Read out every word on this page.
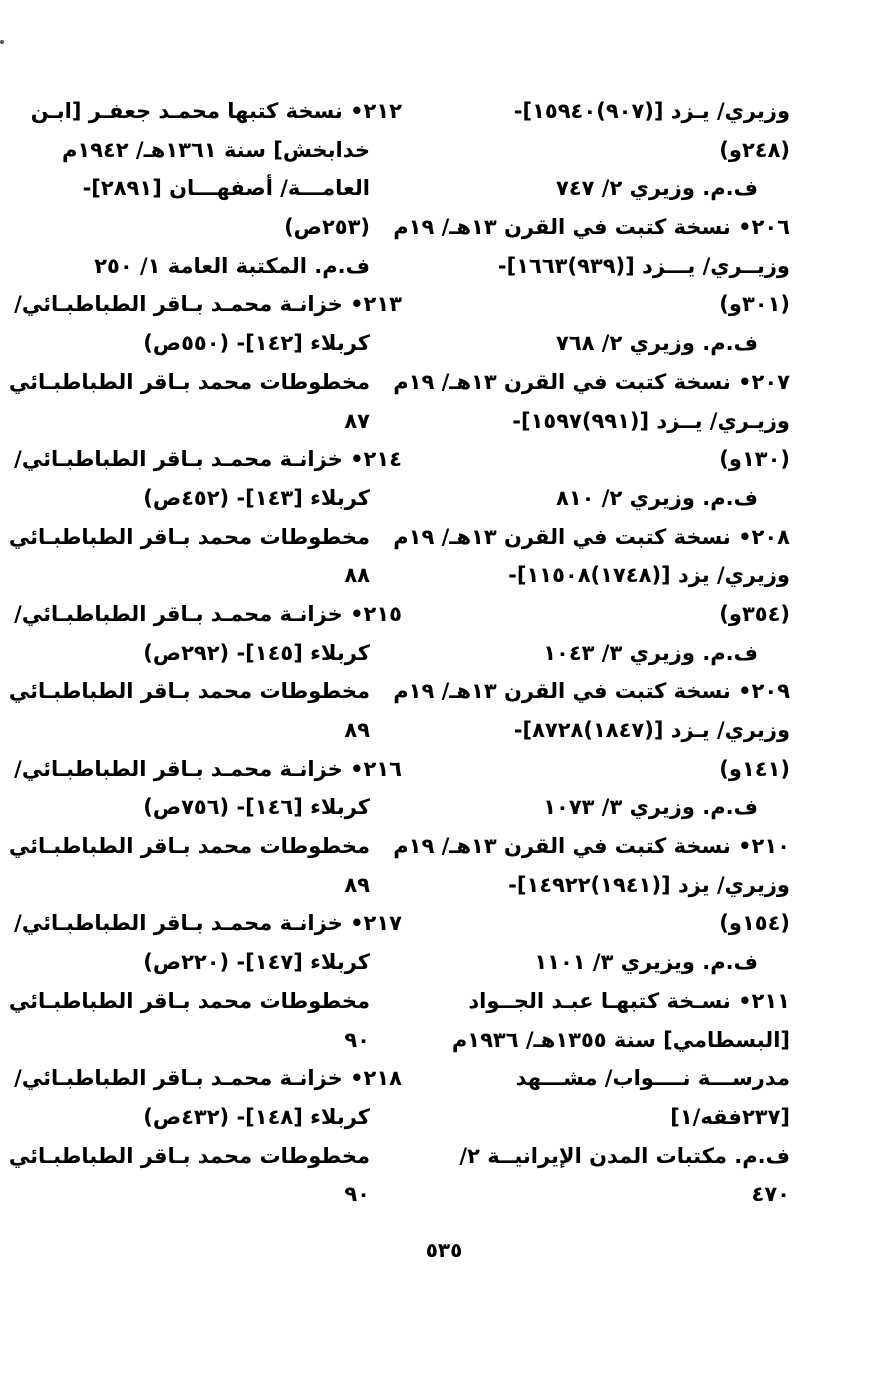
وزيري/ يـزد [(٩٠٧)١٥٩٤٠]-
(٢٤٨و)
ف.م. وزيري ٢/ ٧٤٧
٢٠٦• نسخة كتبت في القرن ١٣هـ/ ١٩م
وزيــري/ يـــزد [(٩٣٩)١٦٦٣]-
(٣٠١و)
ف.م. وزيري ٢/ ٧٦٨
٢٠٧• نسخة كتبت في القرن ١٣هـ/ ١٩م
وزيـري/ يــزد [(٩٩١)١٥٩٧]-
(١٣٠و)
ف.م. وزيري ٢/ ٨١٠
٢٠٨• نسخة كتبت في القرن ١٣هـ/ ١٩م
وزيري/ يزد [(١٧٤٨)١١٥٠٨]-
(٣٥٤و)
ف.م. وزيري ٣/ ١٠٤٣
٢٠٩• نسخة كتبت في القرن ١٣هـ/ ١٩م
وزيري/ يـزد [(١٨٤٧)٨٧٢٨]-
(١٤١و)
ف.م. وزيري ٣/ ١٠٧٣
٢١٠• نسخة كتبت في القرن ١٣هـ/ ١٩م
وزيري/ يزد [(١٩٤١)١٤٩٢٢]-
(١٥٤و)
ف.م. ويزيري ٣/ ١١٠١
٢١١• نسـخة كتبهـا عبـد الجــواد
[البسطامي] سنة ١٣٥٥هـ/ ١٩٣٦م
مدرســـة نــــواب/ مشـــهد
[٢٣٧فقه/١]
ف.م. مكتبات المدن الإيرانيــة ٢/
٤٧٠
٢١٢• نسخة كتبها محمـد جعفـر [ابـن
خدابخش] سنة ١٣٦١هـ/ ١٩٤٢م
العامـــة/ أصفهـــان [٢٨٩١]-
(٢٥٣ص)
ف.م. المكتبة العامة ١/ ٢٥٠
٢١٣• خزانـة محمـد بـاقر الطباطبـائي/
كربلاء [١٤٢]- (٥٥٠ص)
مخطوطات محمد بـاقر الطباطبـائي
٨٧
٢١٤• خزانـة محمـد بـاقر الطباطبـائي/
كربلاء [١٤٣]- (٤٥٢ص)
مخطوطات محمد بـاقر الطباطبـائي
٨٨
٢١٥• خزانـة محمـد بـاقر الطباطبـائي/
كربلاء [١٤٥]- (٢٩٢ص)
مخطوطات محمد بـاقر الطباطبـائي
٨٩
٢١٦• خزانـة محمـد بـاقر الطباطبـائي/
كربلاء [١٤٦]- (٧٥٦ص)
مخطوطات محمد بـاقر الطباطبـائي
٨٩
٢١٧• خزانـة محمـد بـاقر الطباطبـائي/
كربلاء [١٤٧]- (٢٢٠ص)
مخطوطات محمد بـاقر الطباطبـائي
٩٠
٢١٨• خزانـة محمـد بـاقر الطباطبـائي/
كربلاء [١٤٨]- (٤٣٢ص)
مخطوطات محمد بـاقر الطباطبـائي
٩٠
٥٣٥
